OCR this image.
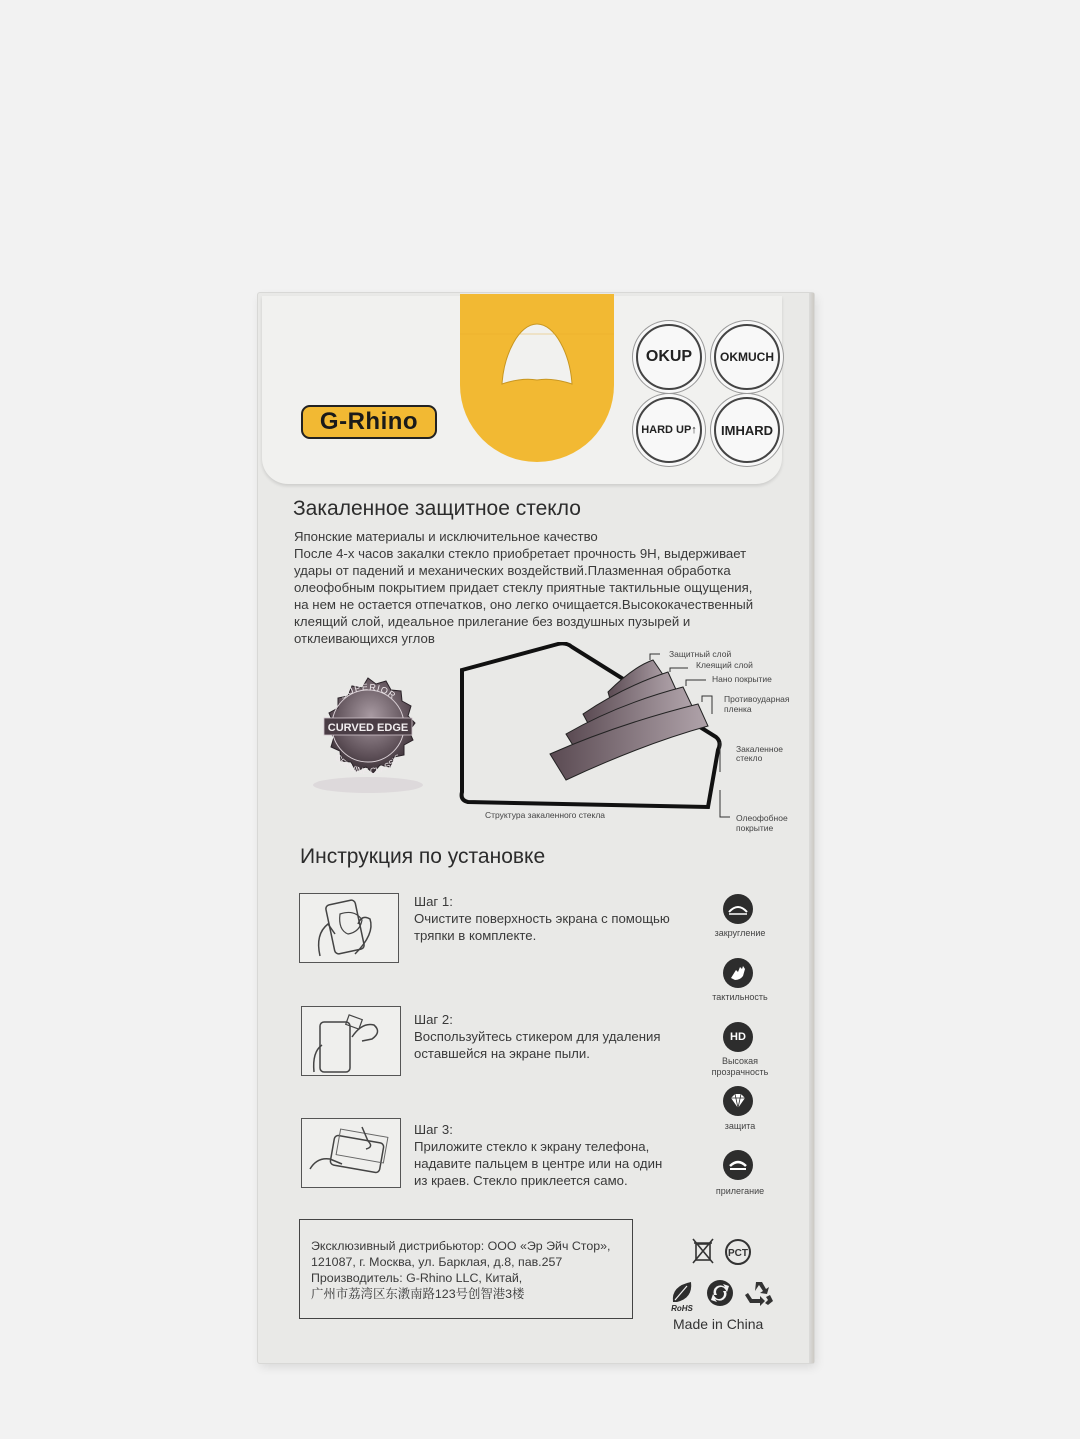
G-Rhino
OKUP	OKMUCH
HARD UP↑	IMHARD
Закаленное защитное стекло
Японские материалы и исключительное качество
После 4-х часов закалки стекло приобретает прочность 9H, выдерживает
удары от падений и механических воздействий.Плазменная обработка
олеофобным покрытием придает стеклу приятные тактильные ощущения,
на нем не остается отпечатков, оно легко очищается.Высококачественный
клеящий слой, идеальное прилегание без воздушных пузырей и
отклеивающихся углов
CURVED EDGE
SUPERIOR
GENUINE CLASSIC
Защитный слой
Клеящий слой
Нано покрытие
Противоударная
пленка
Закаленное
стекло
Олеофобное
покрытие
Структура закаленного стекла
Инструкция по установке
Шаг 1:
Очистите поверхность экрана с помощью
тряпки в комплекте.
Шаг 2:
Воспользуйтесь стикером для удаления
оставшейся на экране пыли.
Шаг 3:
Приложите стекло к экрану телефона,
надавите пальцем в центре или на один
из краев. Стекло приклеется само.
закругление
тактильность
HD
Высокая
прозрачность
защита
прилегание
Эксклюзивный дистрибьютор: ООО «Эр Эйч Стор»,
121087, г. Москва, ул. Барклая, д.8, пав.257
Производитель: G-Rhino LLC, Китай,
广州市荔湾区东漖南路123号创智港3楼
PCT
RoHS
Made in China
